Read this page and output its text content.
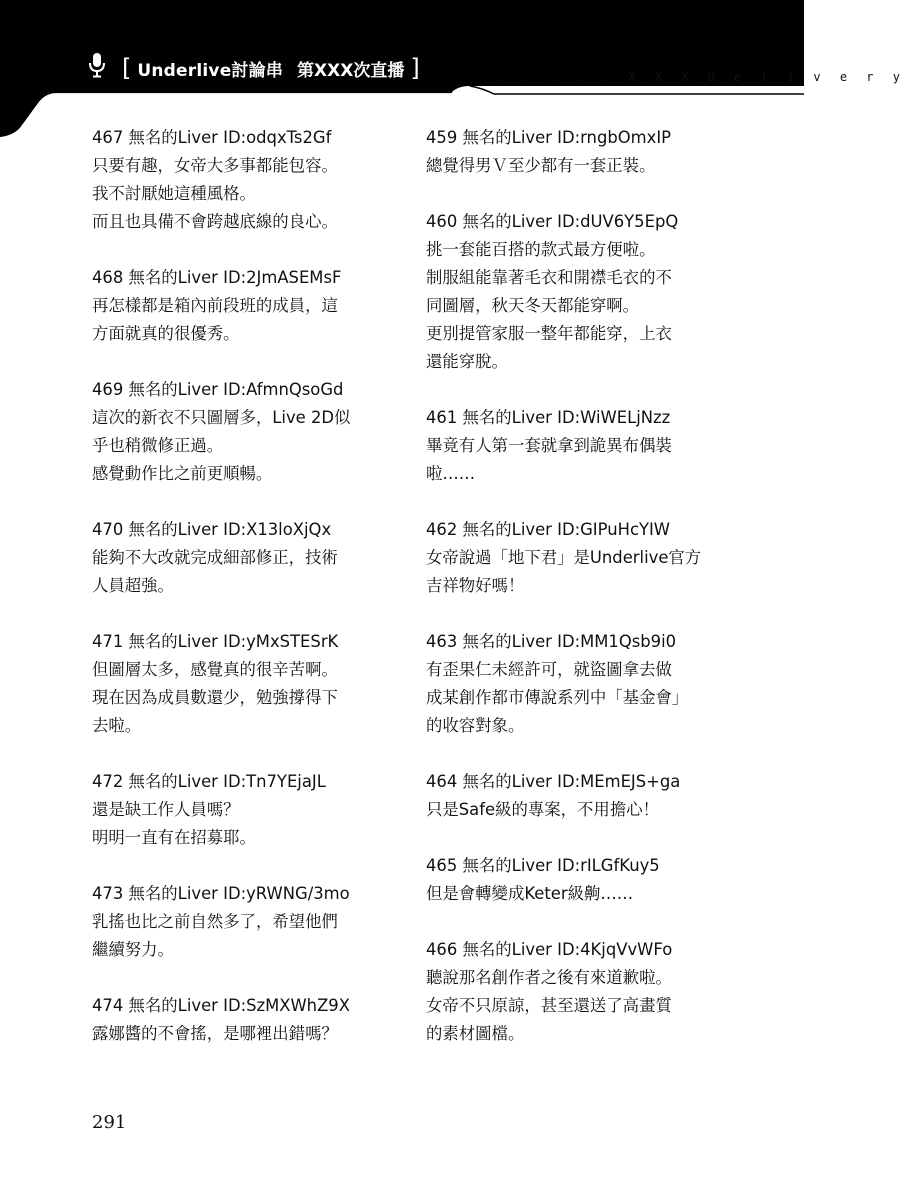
[ Underlive討論串 第XXX次直播 ]	. . . . . X X X d e l i v e r y
467 無名的Liver ID:odqxTs2Gf
只要有趣，女帝大多事都能包容。
我不討厭她這種風格。
而且也具備不會跨越底線的良心。
468 無名的Liver ID:2JmASEMsF
再怎樣都是箱內前段班的成員，這
方面就真的很優秀。
469 無名的Liver ID:AfmnQsoGd
這次的新衣不只圖層多，Live 2D似
乎也稍微修正過。
感覺動作比之前更順暢。
470 無名的Liver ID:X13loXjQx
能夠不大改就完成細部修正，技術
人員超強。
471 無名的Liver ID:yMxSTESrK
但圖層太多，感覺真的很辛苦啊。
現在因為成員數還少，勉強撐得下
去啦。
472 無名的Liver ID:Tn7YEjaJL
還是缺工作人員嗎？
明明一直有在招募耶。
473 無名的Liver ID:yRWNG/3mo
乳搖也比之前自然多了，希望他們
繼續努力。
474 無名的Liver ID:SzMXWhZ9X
露娜醬的不會搖，是哪裡出錯嗎？
459 無名的Liver ID:rngbOmxIP
總覺得男Ｖ至少都有一套正裝。
460 無名的Liver ID:dUV6Y5EpQ
挑一套能百搭的款式最方便啦。
制服組能靠著毛衣和開襟毛衣的不
同圖層，秋天冬天都能穿啊。
更別提管家服一整年都能穿，上衣
還能穿脫。
461 無名的Liver ID:WiWELjNzz
畢竟有人第一套就拿到詭異布偶裝
啦……
462 無名的Liver ID:GIPuHcYIW
女帝說過「地下君」是Underlive官方
吉祥物好嗎！
463 無名的Liver ID:MM1Qsb9i0
有歪果仁未經許可，就盜圖拿去做
成某創作都市傳說系列中「基金會」
的收容對象。
464 無名的Liver ID:MEmEJS+ga
只是Safe級的專案，不用擔心！
465 無名的Liver ID:rILGfKuy5
但是會轉變成Keter級齁……
466 無名的Liver ID:4KjqVvWFo
聽說那名創作者之後有來道歉啦。
女帝不只原諒，甚至還送了高畫質
的素材圖檔。
291
